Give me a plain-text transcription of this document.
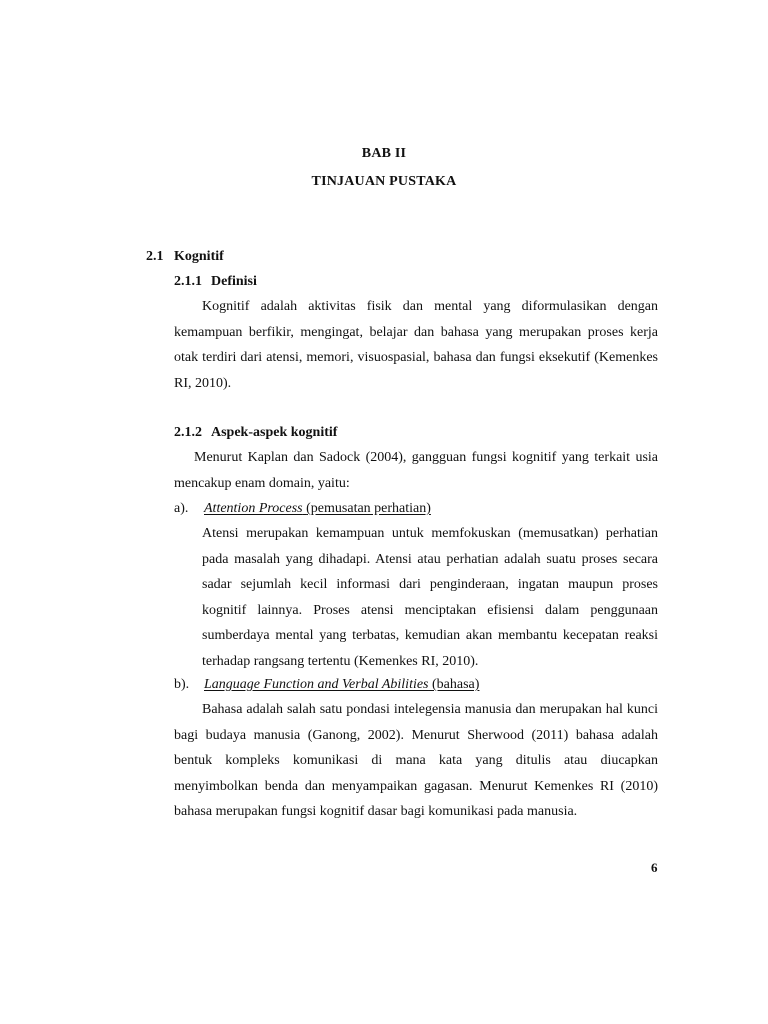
BAB II
TINJAUAN PUSTAKA
2.1 Kognitif
2.1.1 Definisi

Kognitif adalah aktivitas fisik dan mental yang diformulasikan dengan kemampuan berfikir, mengingat, belajar dan bahasa yang merupakan proses kerja otak terdiri dari atensi, memori, visuospasial, bahasa dan fungsi eksekutif (Kemenkes RI, 2010).

2.1.2 Aspek-aspek kognitif

Menurut Kaplan dan Sadock (2004), gangguan fungsi kognitif yang terkait usia mencakup enam domain, yaitu:

a). Attention Process (pemusatan perhatian)

Atensi merupakan kemampuan untuk memfokuskan (memusatkan) perhatian pada masalah yang dihadapi. Atensi atau perhatian adalah suatu proses secara sadar sejumlah kecil informasi dari penginderaan, ingatan maupun proses kognitif lainnya. Proses atensi menciptakan efisiensi dalam penggunaan sumberdaya mental yang terbatas, kemudian akan membantu kecepatan reaksi terhadap rangsang tertentu (Kemenkes RI, 2010).

b). Language Function and Verbal Abilities (bahasa)

Bahasa adalah salah satu pondasi intelegensia manusia dan merupakan hal kunci bagi budaya manusia (Ganong, 2002). Menurut Sherwood (2011) bahasa adalah bentuk kompleks komunikasi di mana kata yang ditulis atau diucapkan menyimbolkan benda dan menyampaikan gagasan. Menurut Kemenkes RI (2010) bahasa merupakan fungsi kognitif dasar bagi komunikasi pada manusia.

6
